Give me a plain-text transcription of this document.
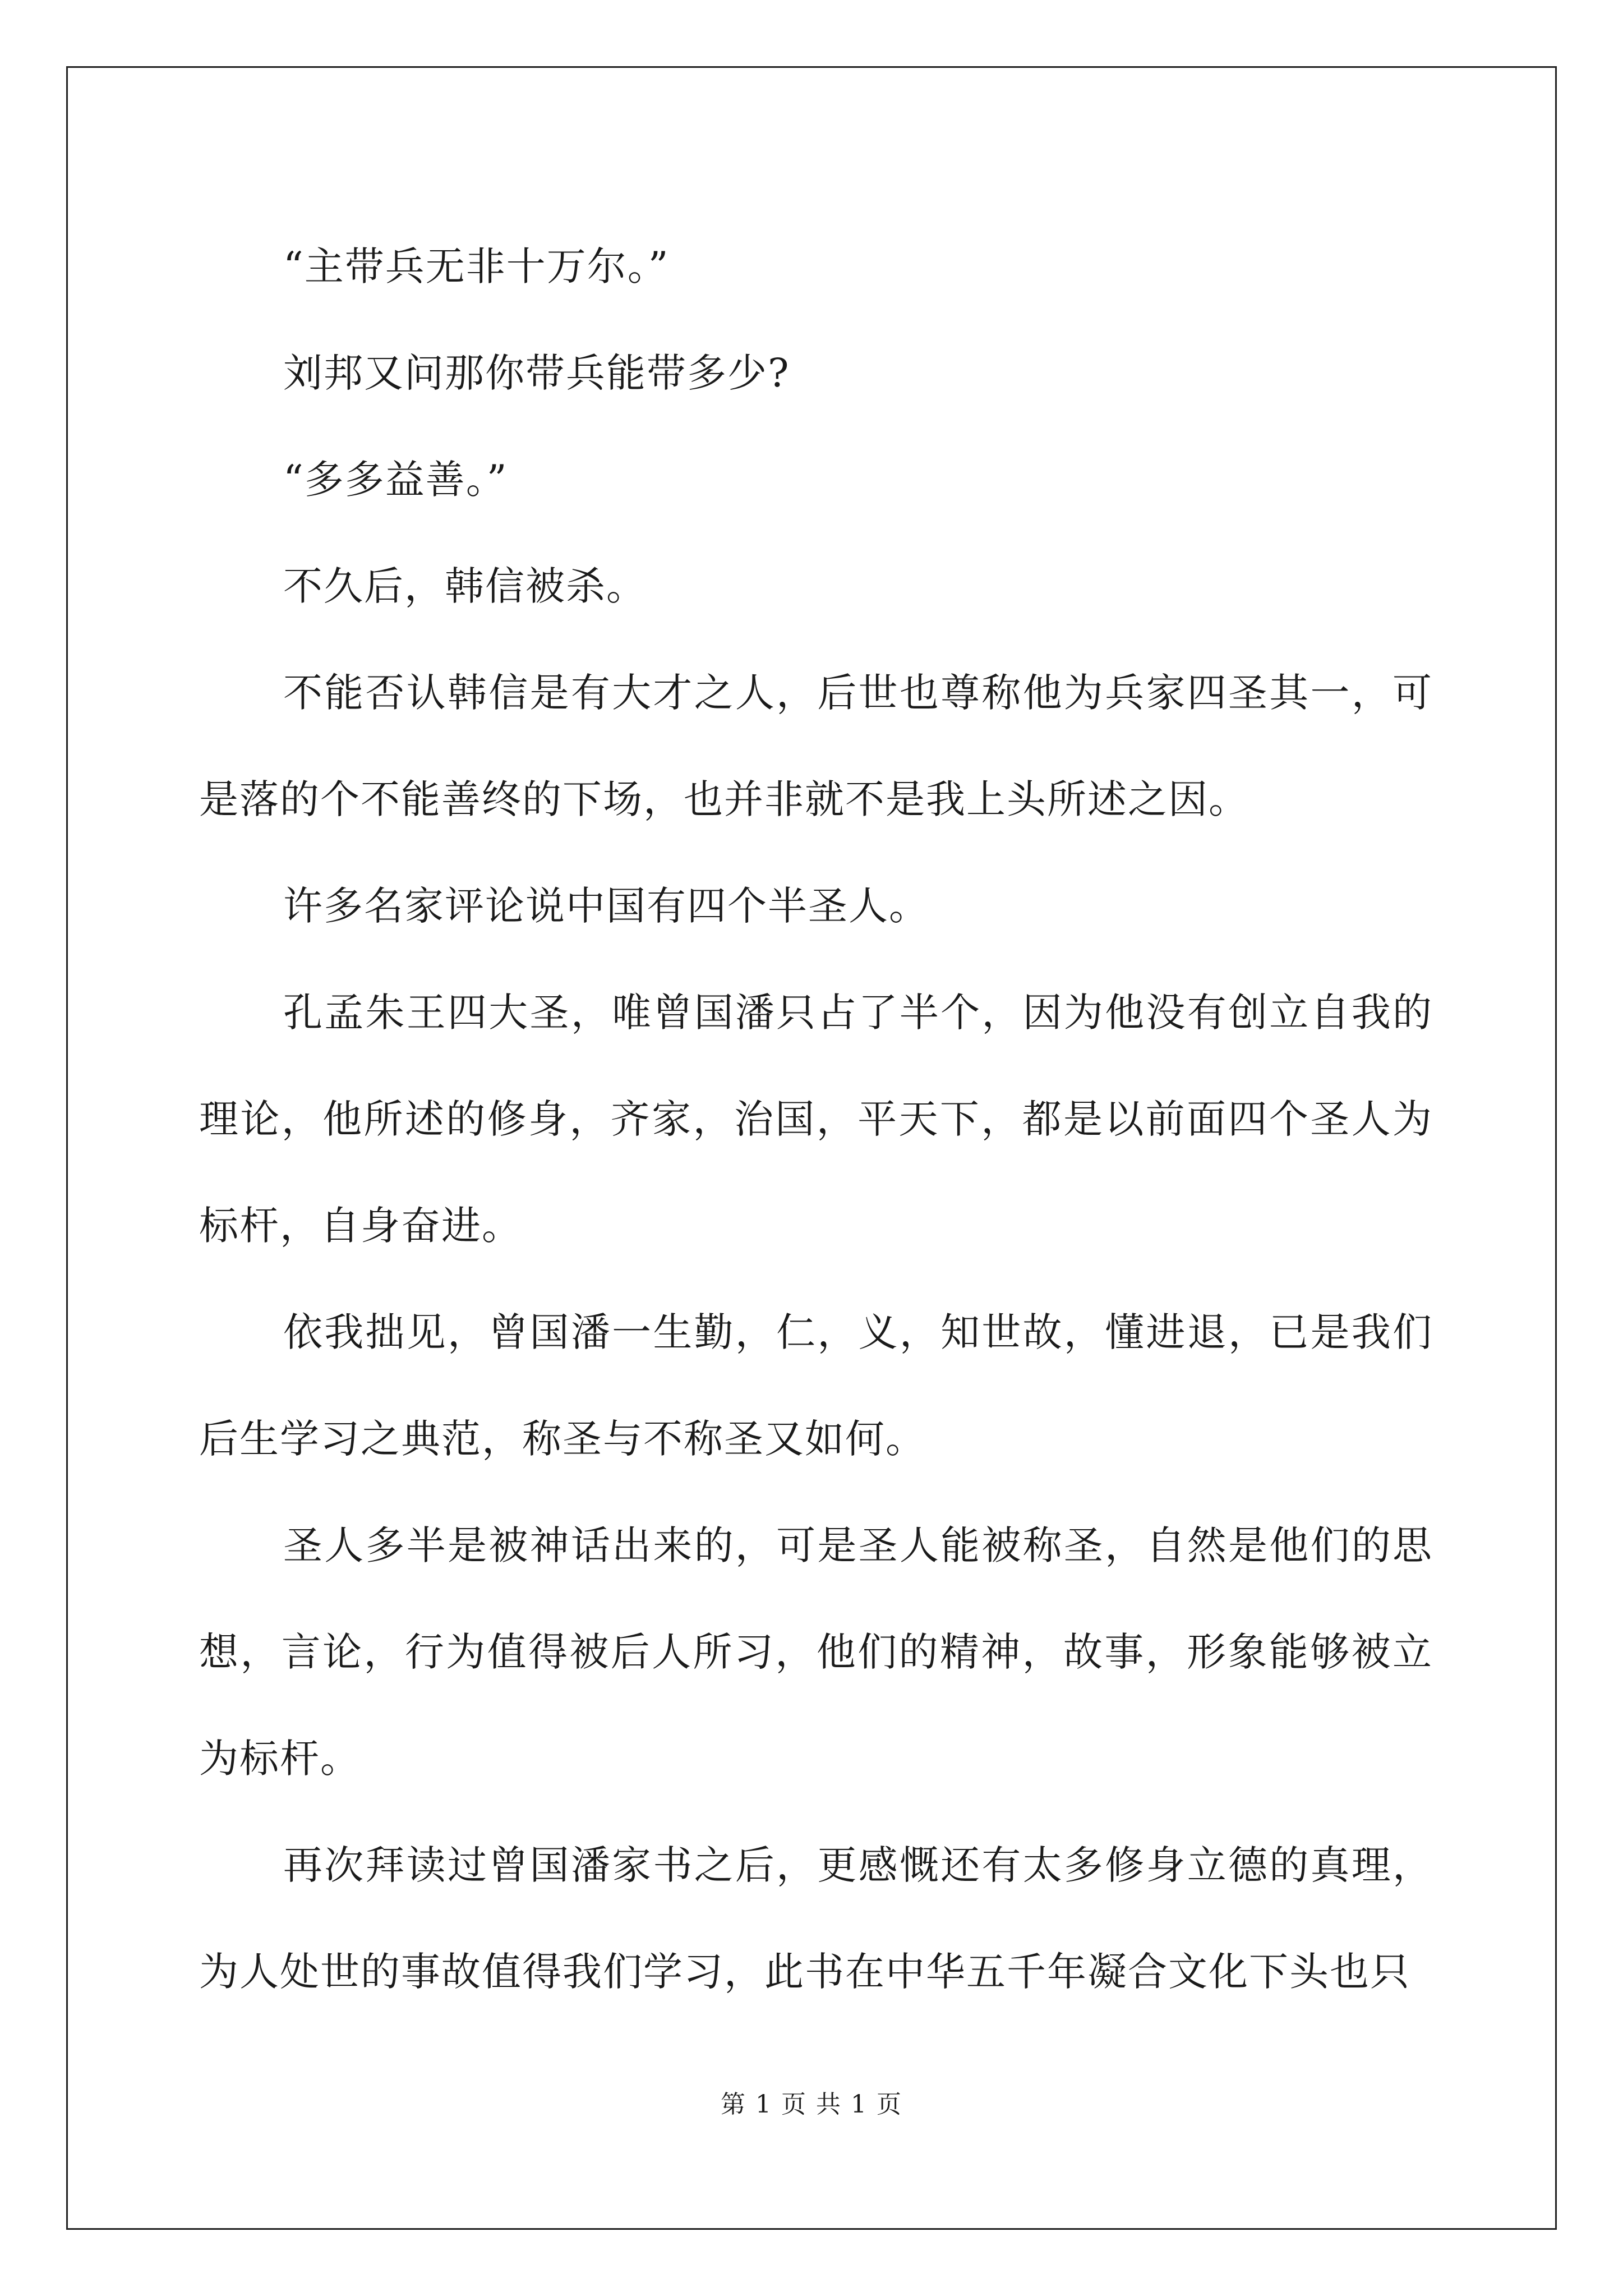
“主带兵无非十万尔。”

刘邦又问那你带兵能带多少?

“多多益善。”

不久后，韩信被杀。

不能否认韩信是有大才之人，后世也尊称他为兵家四圣其一，可是落的个不能善终的下场，也并非就不是我上头所述之因。

许多名家评论说中国有四个半圣人。

孔孟朱王四大圣，唯曾国潘只占了半个，因为他没有创立自我的理论，他所述的修身，齐家，治国，平天下，都是以前面四个圣人为标杆，自身奋进。

依我拙见，曾国潘一生勤，仁，义，知世故，懂进退，已是我们后生学习之典范，称圣与不称圣又如何。

圣人多半是被神话出来的，可是圣人能被称圣，自然是他们的思想，言论，行为值得被后人所习，他们的精神，故事，形象能够被立为标杆。

再次拜读过曾国潘家书之后，更感慨还有太多修身立德的真理，为人处世的事故值得我们学习，此书在中华五千年凝合文化下头也只

第 1 页 共 1 页
